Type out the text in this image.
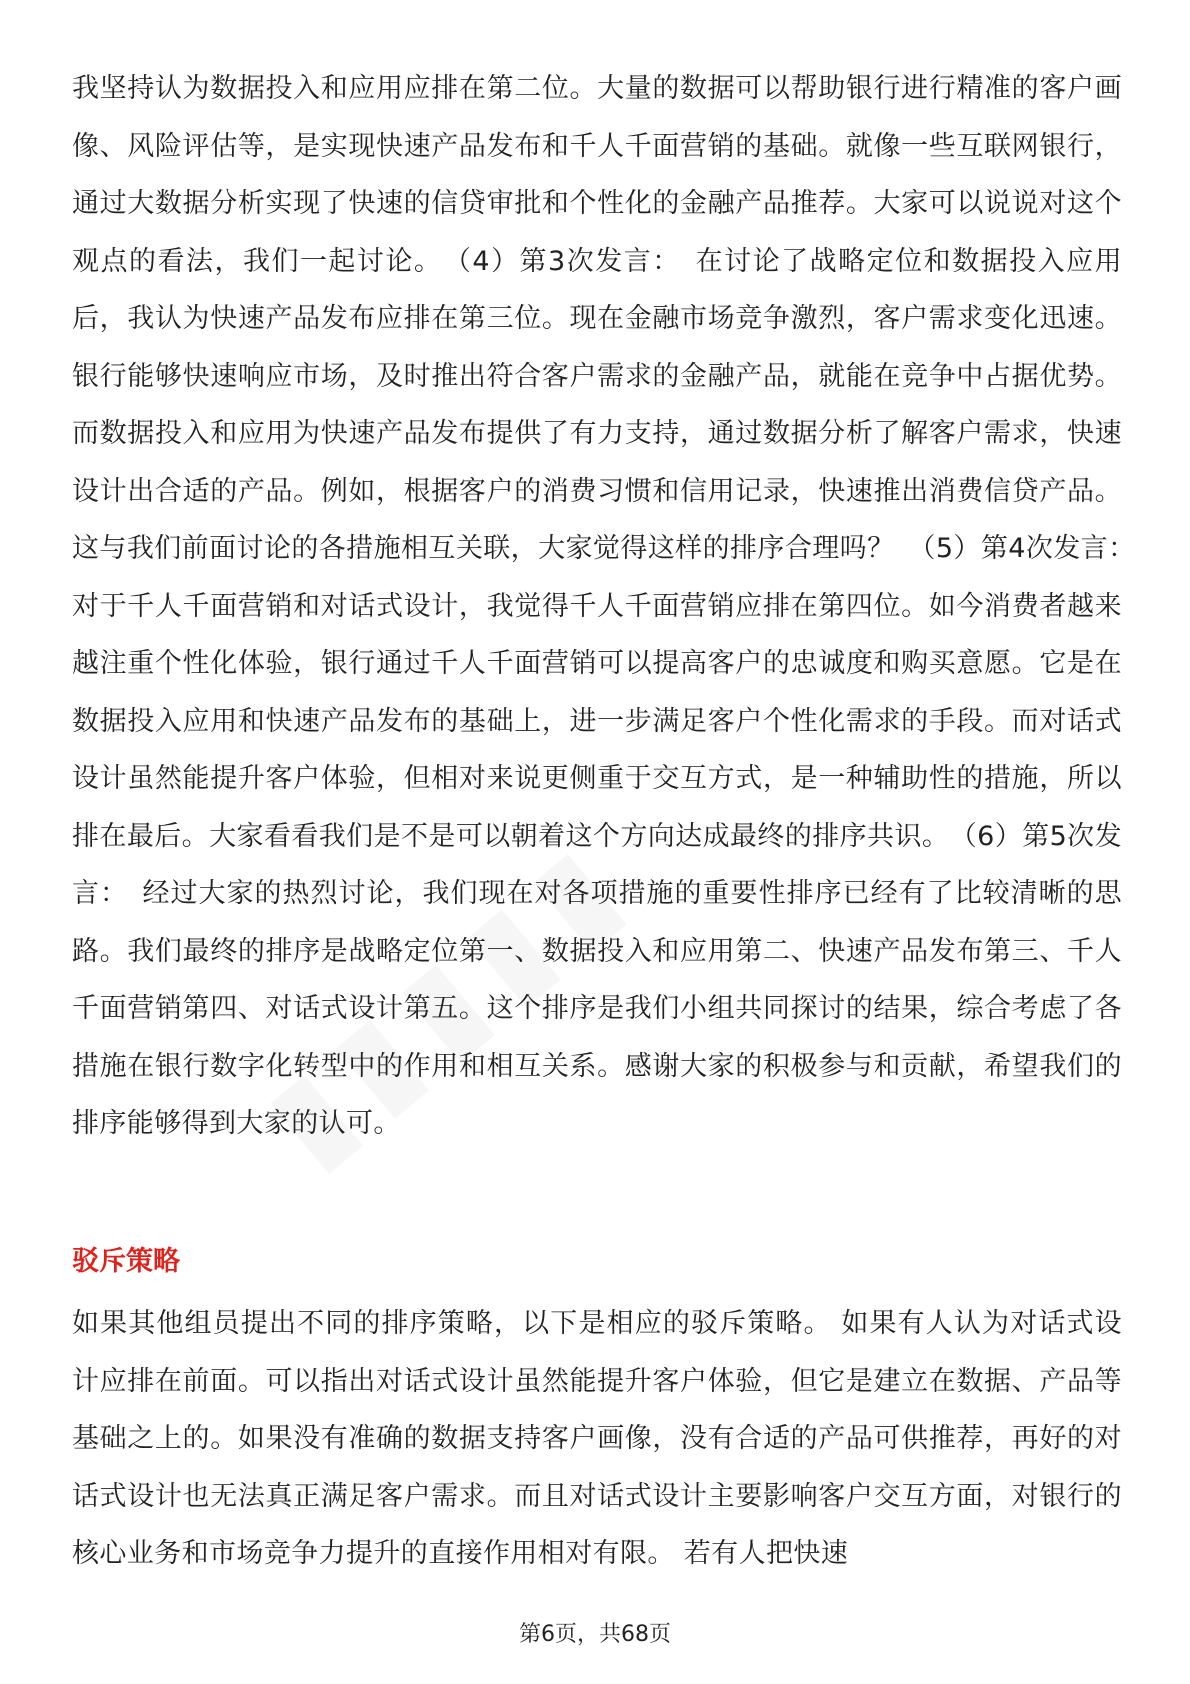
我坚持认为数据投入和应用应排在第二位。大量的数据可以帮助银行进行精准的客户画像、风险评估等，是实现快速产品发布和千人千面营销的基础。就像一些互联网银行，通过大数据分析实现了快速的信贷审批和个性化的金融产品推荐。大家可以说说对这个观点的看法，我们一起讨论。　（4）第3次发言：　在讨论了战略定位和数据投入应用后，我认为快速产品发布应排在第三位。现在金融市场竞争激烈，客户需求变化迅速。银行能够快速响应市场，及时推出符合客户需求的金融产品，就能在竞争中占据优势。而数据投入和应用为快速产品发布提供了有力支持，通过数据分析了解客户需求，快速设计出合适的产品。例如，根据客户的消费习惯和信用记录，快速推出消费信贷产品。这与我们前面讨论的各措施相互关联，大家觉得这样的排序合理吗？　（5）第4次发言：　对于千人千面营销和对话式设计，我觉得千人千面营销应排在第四位。如今消费者越来越注重个性化体验，银行通过千人千面营销可以提高客户的忠诚度和购买意愿。它是在数据投入应用和快速产品发布的基础上，进一步满足客户个性化需求的手段。而对话式设计虽然能提升客户体验，但相对来说更侧重于交互方式，是一种辅助性的措施，所以排在最后。大家看看我们是不是可以朝着这个方向达成最终的排序共识。　（6）第5次发言：　经过大家的热烈讨论，我们现在对各项措施的重要性排序已经有了比较清晰的思路。我们最终的排序是战略定位第一、数据投入和应用第二、快速产品发布第三、千人千面营销第四、对话式设计第五。这个排序是我们小组共同探讨的结果，综合考虑了各措施在银行数字化转型中的作用和相互关系。感谢大家的积极参与和贡献，希望我们的排序能够得到大家的认可。

驳斥策略

如果其他组员提出不同的排序策略，以下是相应的驳斥策略。 如果有人认为对话式设计应排在前面。可以指出对话式设计虽然能提升客户体验，但它是建立在数据、产品等基础之上的。如果没有准确的数据支持客户画像，没有合适的产品可供推荐，再好的对话式设计也无法真正满足客户需求。而且对话式设计主要影响客户交互方面，对银行的核心业务和市场竞争力提升的直接作用相对有限。 若有人把快速

第6页，共68页
